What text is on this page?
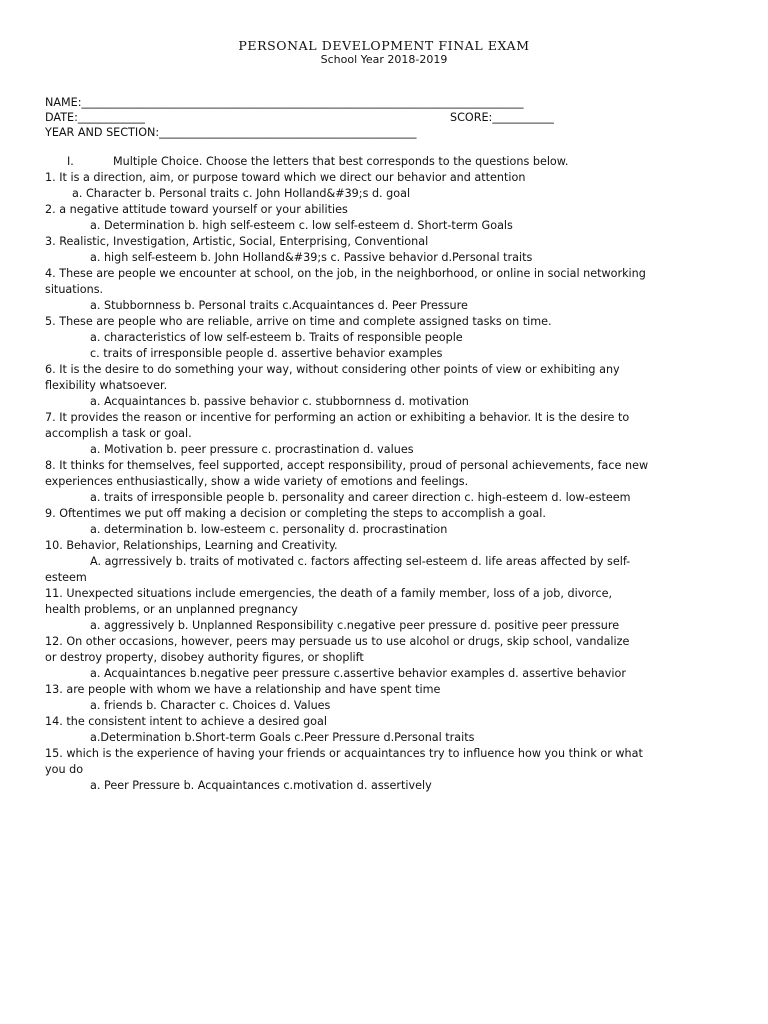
PERSONAL DEVELOPMENT FINAL EXAM
School Year 2018-2019
NAME:_______________________________________________________________________________
DATE:____________	SCORE:___________
YEAR AND SECTION:______________________________________________
I.	Multiple Choice. Choose the letters that best corresponds to the questions below.
1. It is a direction, aim, or purpose toward which we direct our behavior and attention
a. Character b. Personal traits c. John Holland&#39;s d. goal
2. a negative attitude toward yourself or your abilities
a. Determination b. high self-esteem c. low self-esteem d. Short-term Goals
3. Realistic, Investigation, Artistic, Social, Enterprising, Conventional
a. high self-esteem b. John Holland&#39;s c. Passive behavior d.Personal traits
4. These are people we encounter at school, on the job, in the neighborhood, or online in social networking
situations.
a. Stubbornness b. Personal traits c.Acquaintances d. Peer Pressure
5. These are people who are reliable, arrive on time and complete assigned tasks on time.
a. characteristics of low self-esteem b. Traits of responsible people
c. traits of irresponsible people d. assertive behavior examples
6. It is the desire to do something your way, without considering other points of view or exhibiting any
flexibility whatsoever.
a. Acquaintances b. passive behavior c. stubbornness d. motivation
7. It provides the reason or incentive for performing an action or exhibiting a behavior. It is the desire to
accomplish a task or goal.
a. Motivation b. peer pressure c. procrastination d. values
8. It thinks for themselves, feel supported, accept responsibility, proud of personal achievements, face new
experiences enthusiastically, show a wide variety of emotions and feelings.
a. traits of irresponsible people b. personality and career direction c. high-esteem d. low-esteem
9. Oftentimes we put off making a decision or completing the steps to accomplish a goal.
a. determination b. low-esteem c. personality d. procrastination
10. Behavior, Relationships, Learning and Creativity.
A. agrressively b. traits of motivated c. factors affecting sel-esteem d. life areas affected by self-
esteem
11. Unexpected situations include emergencies, the death of a family member, loss of a job, divorce,
health problems, or an unplanned pregnancy
a. aggressively b. Unplanned Responsibility c.negative peer pressure d. positive peer pressure
12. On other occasions, however, peers may persuade us to use alcohol or drugs, skip school, vandalize
or destroy property, disobey authority figures, or shoplift
a. Acquaintances b.negative peer pressure c.assertive behavior examples d. assertive behavior
13. are people with whom we have a relationship and have spent time
a. friends b. Character c. Choices d. Values
14. the consistent intent to achieve a desired goal
a.Determination b.Short-term Goals c.Peer Pressure d.Personal traits
15. which is the experience of having your friends or acquaintances try to influence how you think or what
you do
a. Peer Pressure b. Acquaintances c.motivation d. assertively
